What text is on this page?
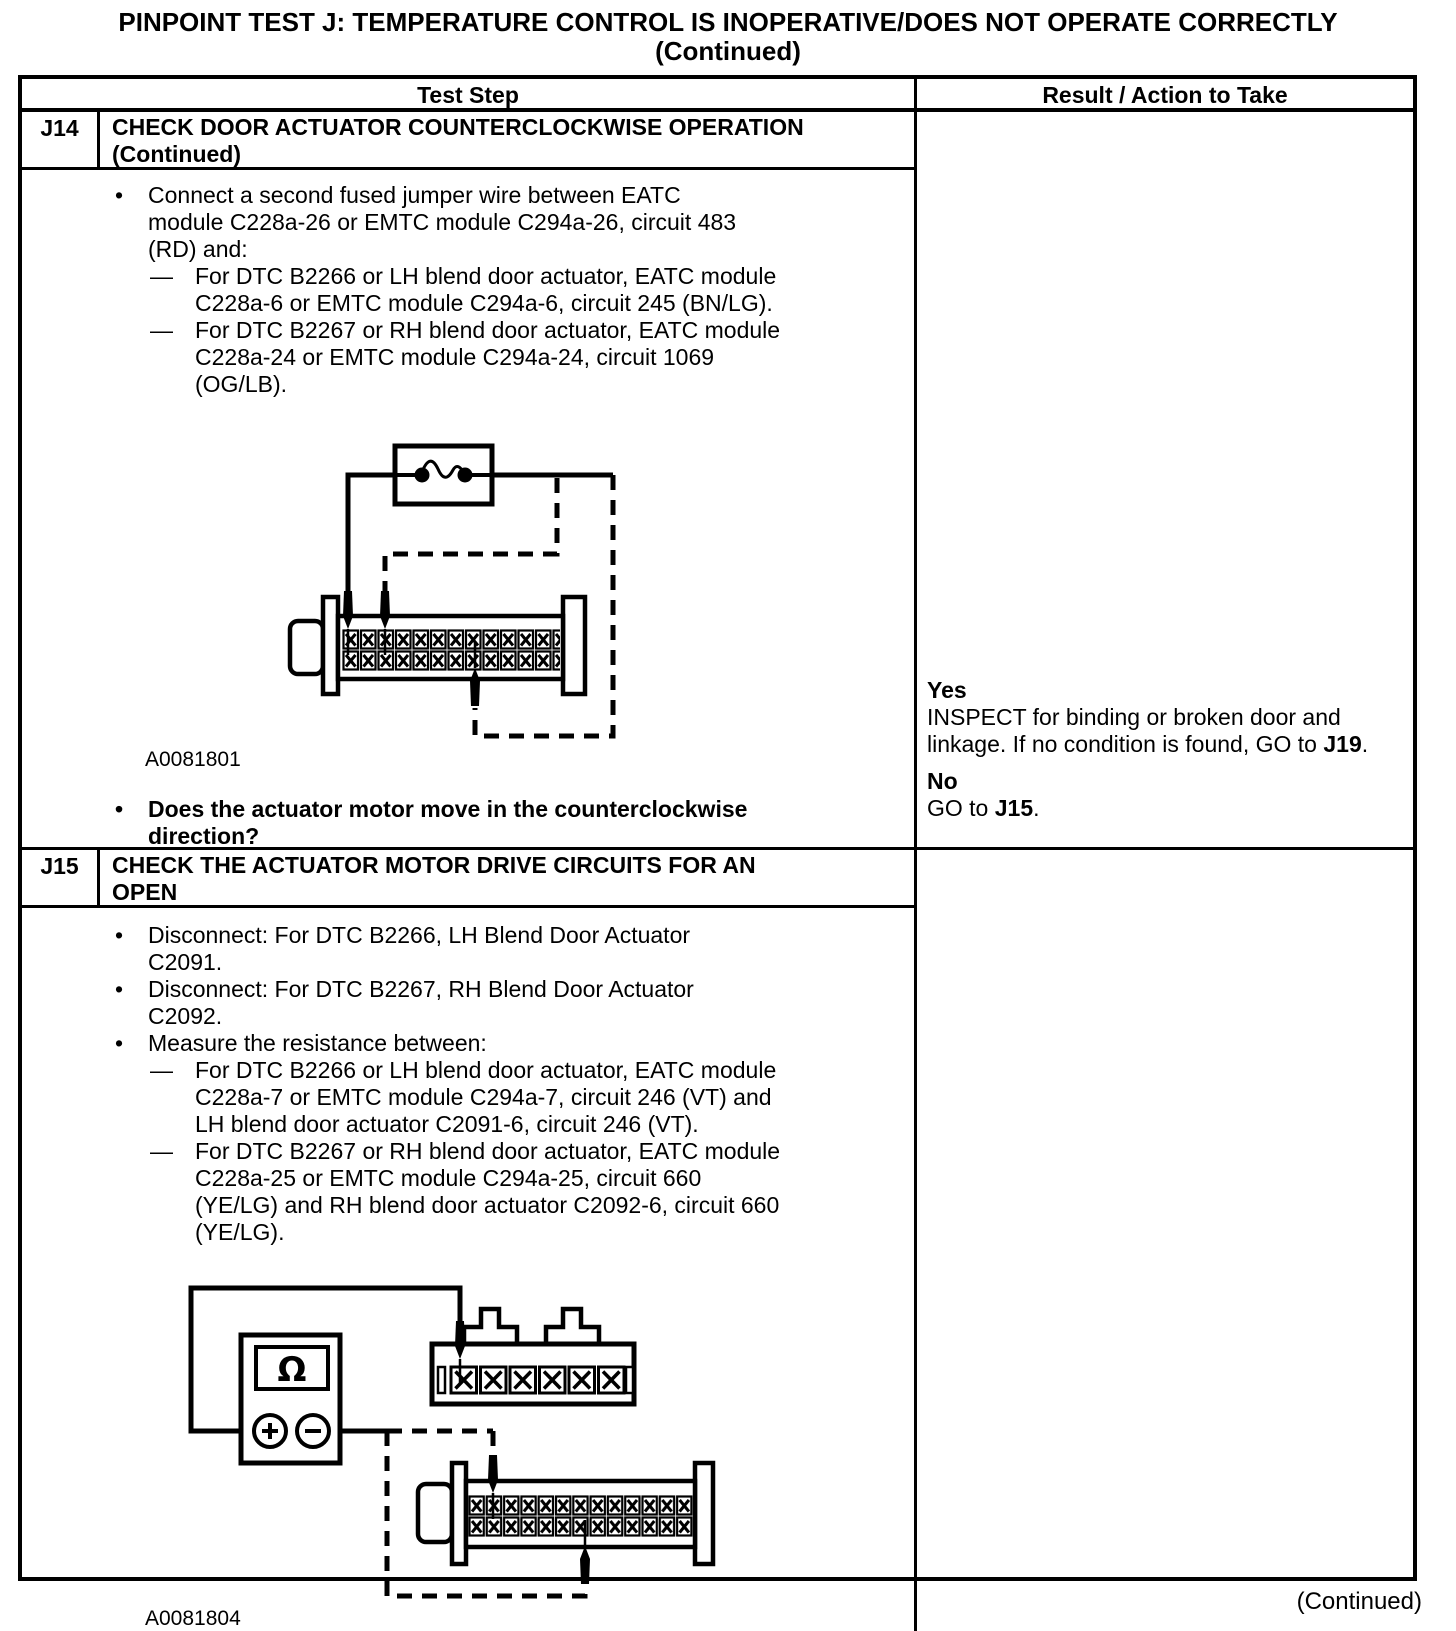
PINPOINT TEST J: TEMPERATURE CONTROL IS INOPERATIVE/DOES NOT OPERATE CORRECTLY
(Continued)
Test Step	Result / Action to Take
J14	CHECK DOOR ACTUATOR COUNTERCLOCKWISE OPERATION
(Continued)
•	Connect a second fused jumper wire between EATC module C228a-26 or EMTC module C294a-26, circuit 483 (RD) and:
— For DTC B2266 or LH blend door actuator, EATC module C228a-6 or EMTC module C294a-6, circuit 245 (BN/LG).
— For DTC B2267 or RH blend door actuator, EATC module C228a-24 or EMTC module C294a-24, circuit 1069 (OG/LB).
A0081801
•	Does the actuator motor move in the counterclockwise direction?
Yes
INSPECT for binding or broken door and linkage. If no condition is found, GO to J19.
No
GO to J15.
J15	CHECK THE ACTUATOR MOTOR DRIVE CIRCUITS FOR AN
OPEN
•	Disconnect: For DTC B2266, LH Blend Door Actuator C2091.
•	Disconnect: For DTC B2267, RH Blend Door Actuator C2092.
•	Measure the resistance between:
— For DTC B2266 or LH blend door actuator, EATC module C228a-7 or EMTC module C294a-7, circuit 246 (VT) and LH blend door actuator C2091-6, circuit 246 (VT).
— For DTC B2267 or RH blend door actuator, EATC module C228a-25 or EMTC module C294a-25, circuit 660 (YE/LG) and RH blend door actuator C2092-6, circuit 660 (YE/LG).
Ω
A0081804
(Continued)
